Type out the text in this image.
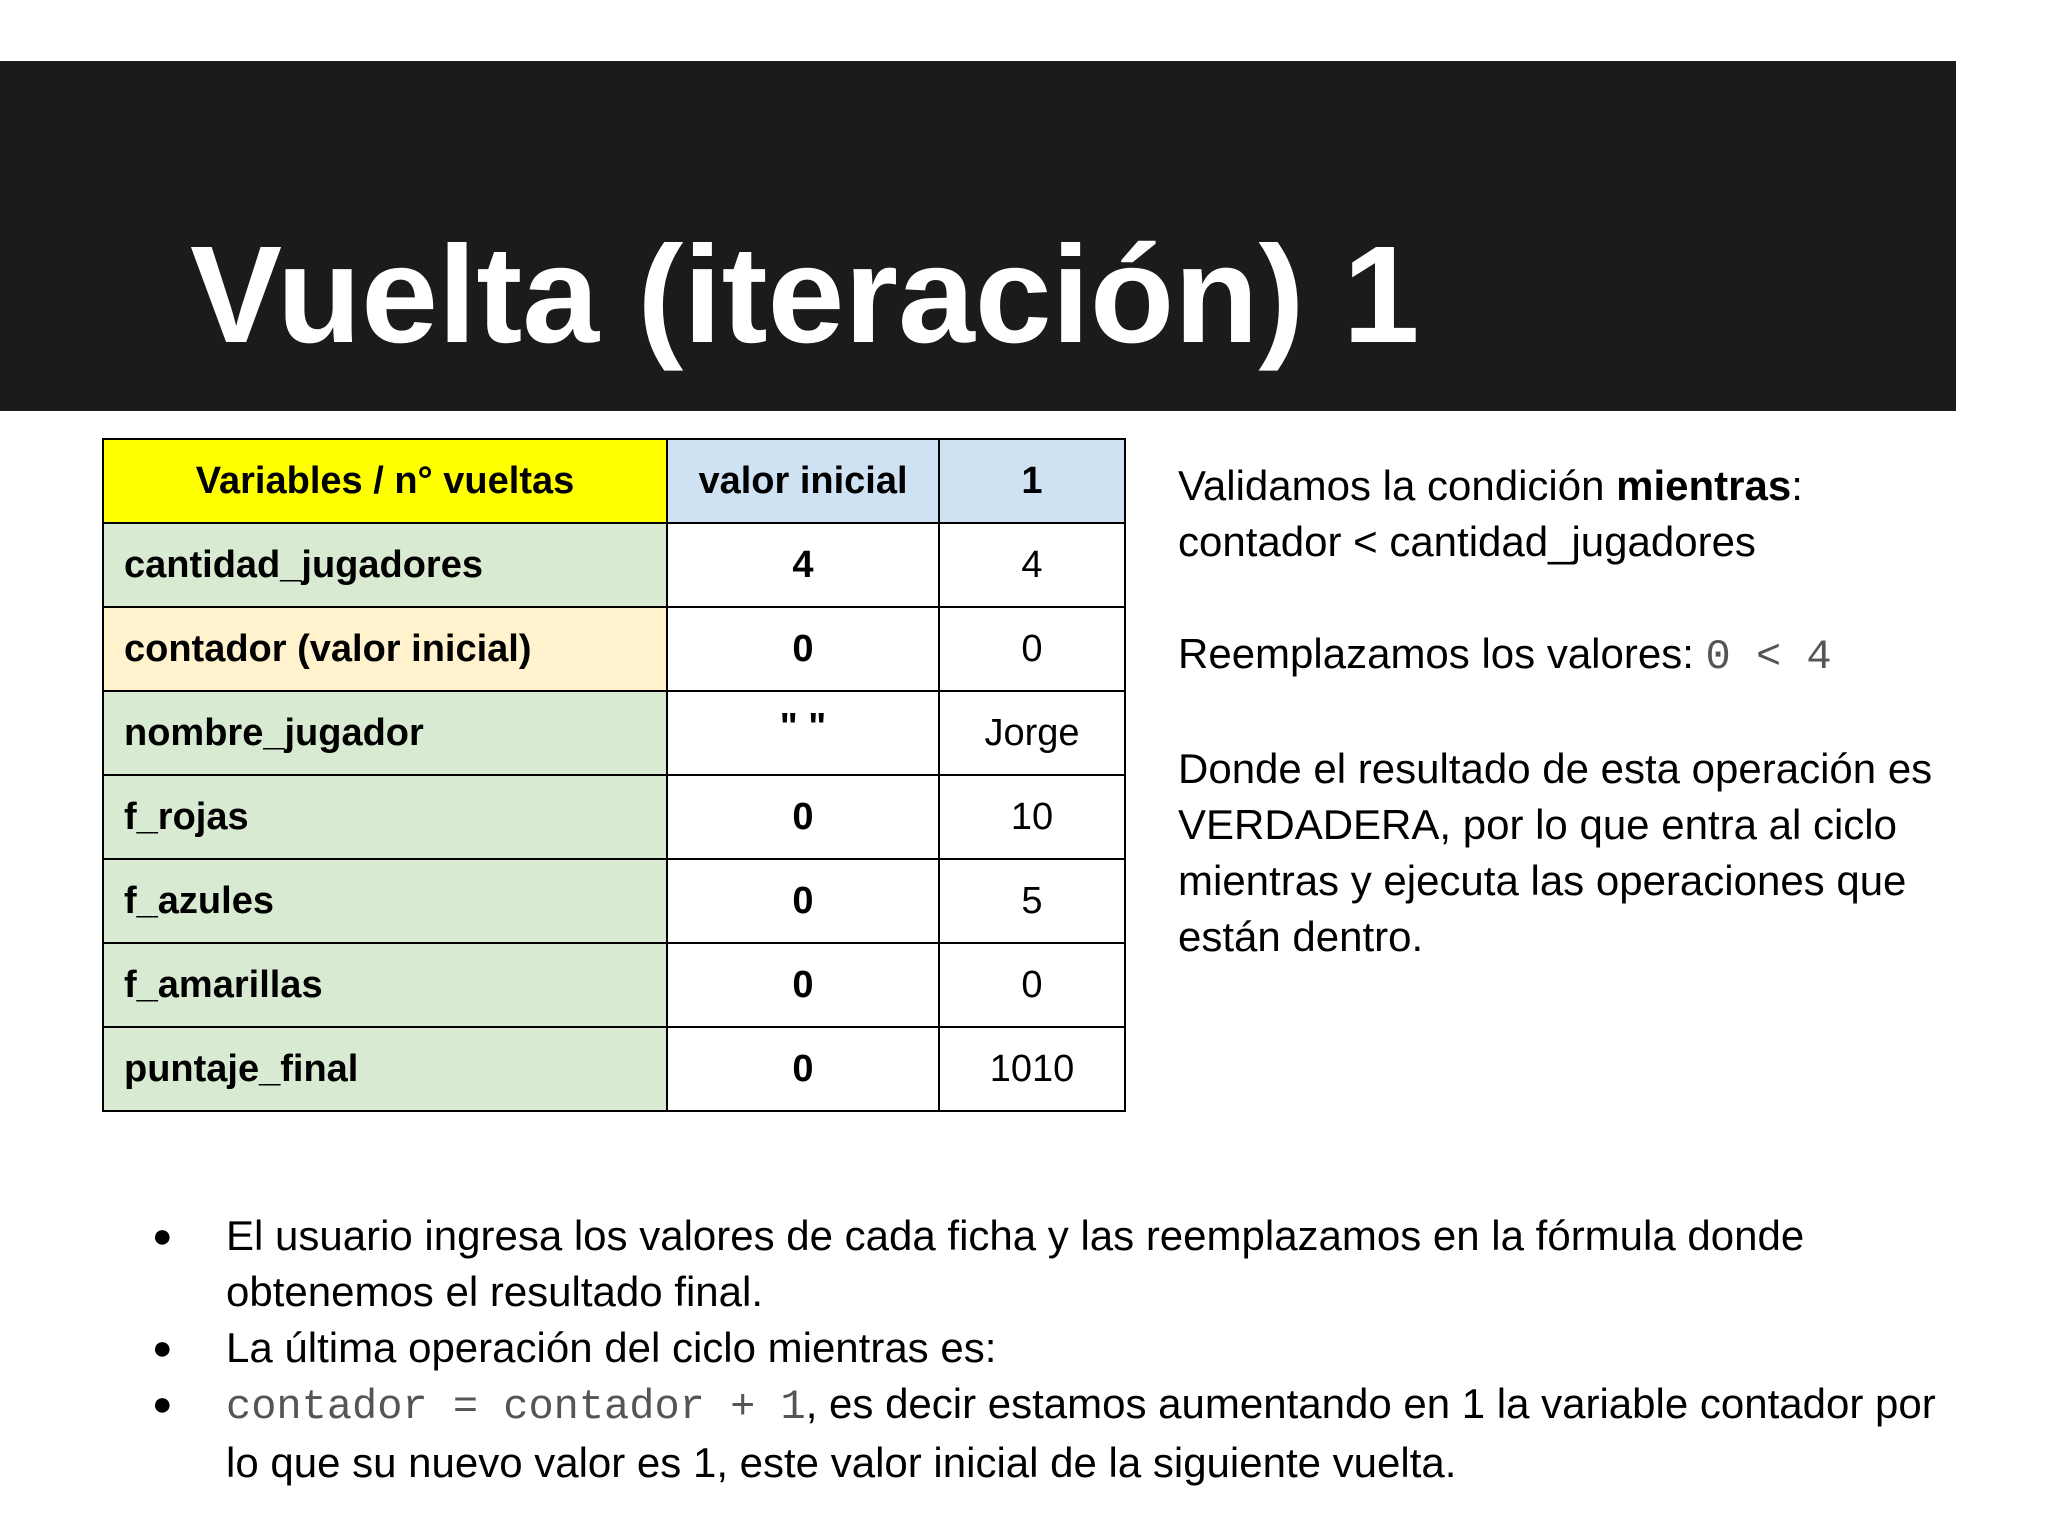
Vuelta (iteración) 1
Variables / n° vueltas	valor inicial	1
cantidad_jugadores	4	4
contador (valor inicial)	0	0
nombre_jugador	" "	Jorge
f_rojas	0	10
f_azules	0	5
f_amarillas	0	0
puntaje_final	0	1010

Validamos la condición mientras:

contador < cantidad_jugadores

Reemplazamos los valores: 0 < 4

Donde el resultado de esta operación es VERDADERA, por lo que entra al ciclo mientras y ejecuta las operaciones que están dentro.

● El usuario ingresa los valores de cada ficha y las reemplazamos en la fórmula donde obtenemos el resultado final.
● La última operación del ciclo mientras es:
● contador = contador + 1, es decir estamos aumentando en 1 la variable contador por lo que su nuevo valor es 1, este valor inicial de la siguiente vuelta.
